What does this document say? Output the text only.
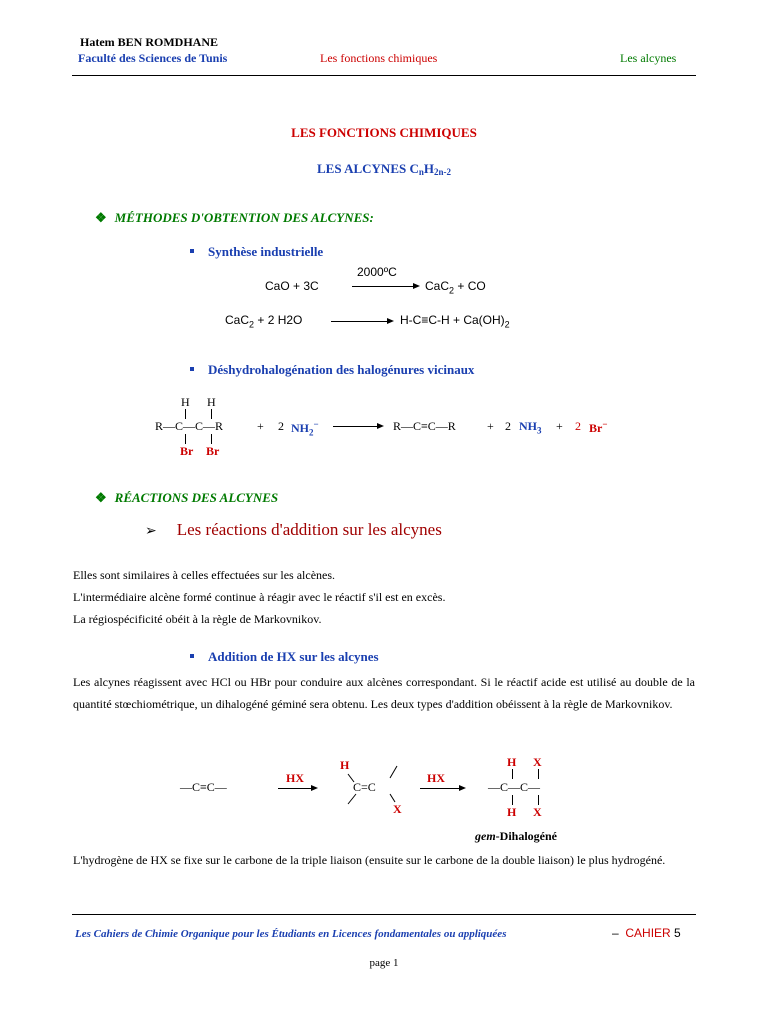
Hatem BEN ROMDHANE
Faculté des Sciences de Tunis	Les fonctions chimiques	Les alcynes
LES FONCTIONS CHIMIQUES
LES ALCYNES $C_nH_{2n-2}$
❖ MÉTHODES D'OBTENTION DES ALCYNES:
Synthèse industrielle
CaO + 3C
2000ºC
CaC$_2$ + CO
CaC$_2$ + 2 H2O	$H-C\equiv C-H + Ca(OH)_2$
Déshydrohalogénation des halogénures vicinaux
H H
R—C—C—R
Br Br
+ 2 $NH_2^-$	R—C≡C—R	+ 2 $NH_3 + 2$ Br−
❖ RÉACTIONS DES ALCYNES
➢ Les réactions d'addition sur les alcynes
Elles sont similaires à celles effectuées sur les alcènes.
L'intermédiaire alcène formé continue à réagir avec le réactif s'il est en excès.
La régiospécificité obéit à la règle de Markovnikov.
Addition de HX sur les alcynes
Les alcynes réagissent avec HCl ou HBr pour conduire aux alcènes correspondant. Si le réactif acide est utilisé au double de la quantité stœchiométrique, un dihalogéné géminé sera obtenu. Les deux types d'addition obéissent à la règle de Markovnikov.
—C≡C—
HX
H
C=C
X
HX
H X
—C—C—
H X
gem-Dihalogéné
L'hydrogène de HX se fixe sur le carbone de la triple liaison (ensuite sur le carbone de la double liaison) le plus hydrogéné.
Les Cahiers de Chimie Organique pour les Étudiants en Licences fondamentales ou appliquées	– CAHIER 5
page 1
